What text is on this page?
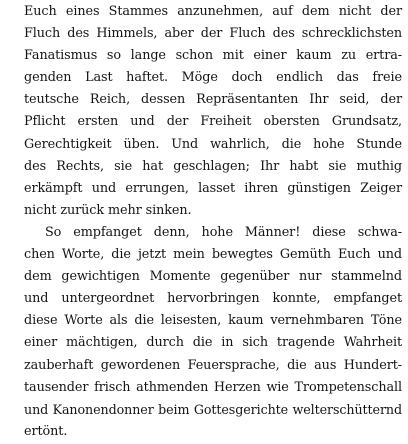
Euch eines Stammes anzunehmen, auf dem nicht der
Fluch des Himmels, aber der Fluch des schrecklichsten
Fanatismus so lange schon mit einer kaum zu ertra-
genden Last haftet. Möge doch endlich das freie
teutsche Reich, dessen Repräsentanten Ihr seid, der
Pflicht ersten und der Freiheit obersten Grundsatz,
Gerechtigkeit üben. Und wahrlich, die hohe Stunde
des Rechts, sie hat geschlagen; Ihr habt sie muthig
erkämpft und errungen, lasset ihren günstigen Zeiger
nicht zurück mehr sinken.
So empfanget denn, hohe Männer! diese schwa-
chen Worte, die jetzt mein bewegtes Gemüth Euch und
dem gewichtigen Momente gegenüber nur stammelnd
und untergeordnet hervorbringen konnte, empfanget
diese Worte als die leisesten, kaum vernehmbaren Töne
einer mächtigen, durch die in sich tragende Wahrheit
zauberhaft gewordenen Feuersprache, die aus Hundert-
tausender frisch athmenden Herzen wie Trompetenschall
und Kanonendonner beim Gottesgerichte welterschütternd
ertönt.
